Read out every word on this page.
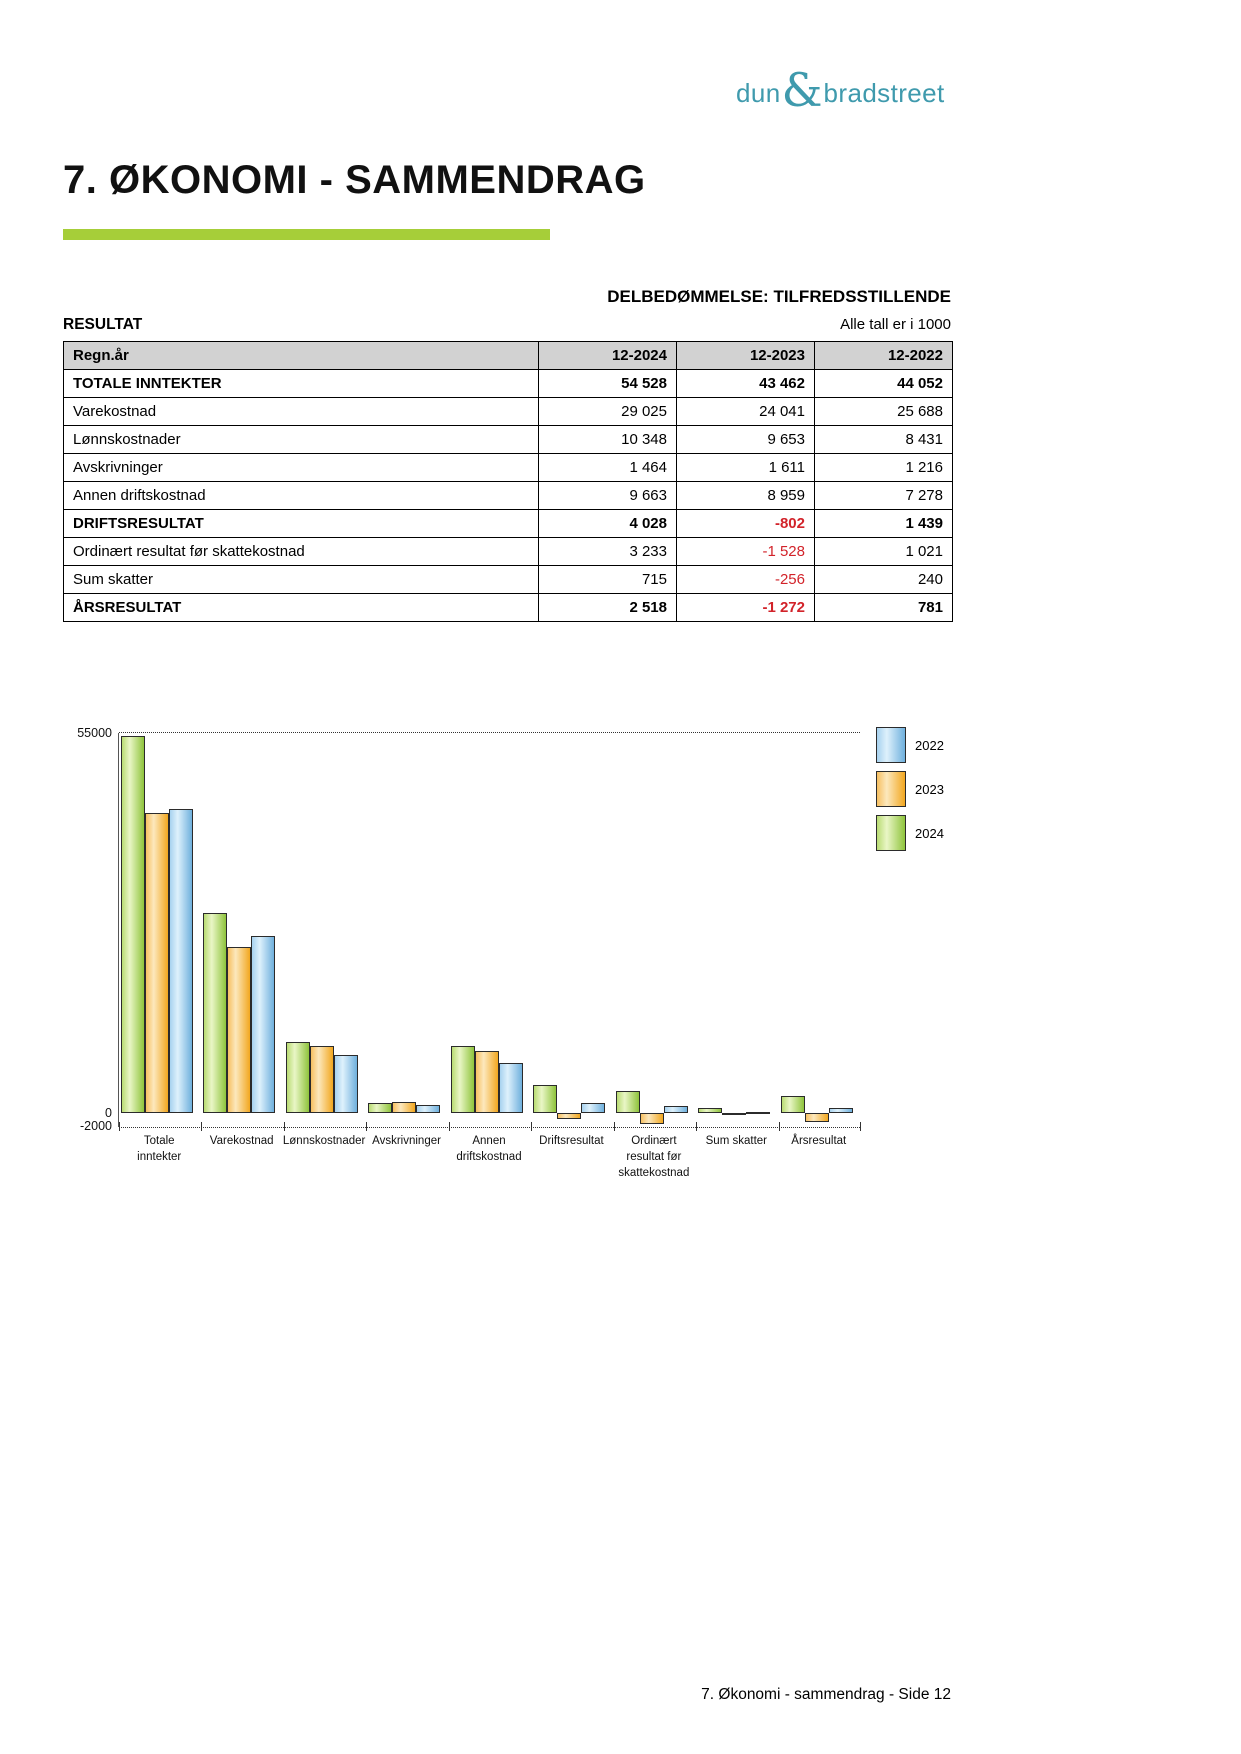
dun & bradstreet
7. ØKONOMI - SAMMENDRAG
DELBEDØMMELSE: TILFREDSSTILLENDE
RESULTAT	Alle tall er i 1000
Regn.år	12-2024	12-2023	12-2022
TOTALE INNTEKTER	54 528	43 462	44 052
Varekostnad	29 025	24 041	25 688
Lønnskostnader	10 348	9 653	8 431
Avskrivninger	1 464	1 611	1 216
Annen driftskostnad	9 663	8 959	7 278
DRIFTSRESULTAT	4 028	-802	1 439
Ordinært resultat før skattekostnad	3 233	-1 528	1 021
Sum skatter	715	-256	240
ÅRSRESULTAT	2 518	-1 272	781
55000
0
-2000
Totale
inntekter
Varekostnad Lønnskostnader Avskrivninger	Annen
driftskostnad
Driftsresultat	Ordinært
resultat før
skattekostnad
Sum skatter	Årsresultat
2022
2023
2024
7. Økonomi - sammendrag - Side 12
